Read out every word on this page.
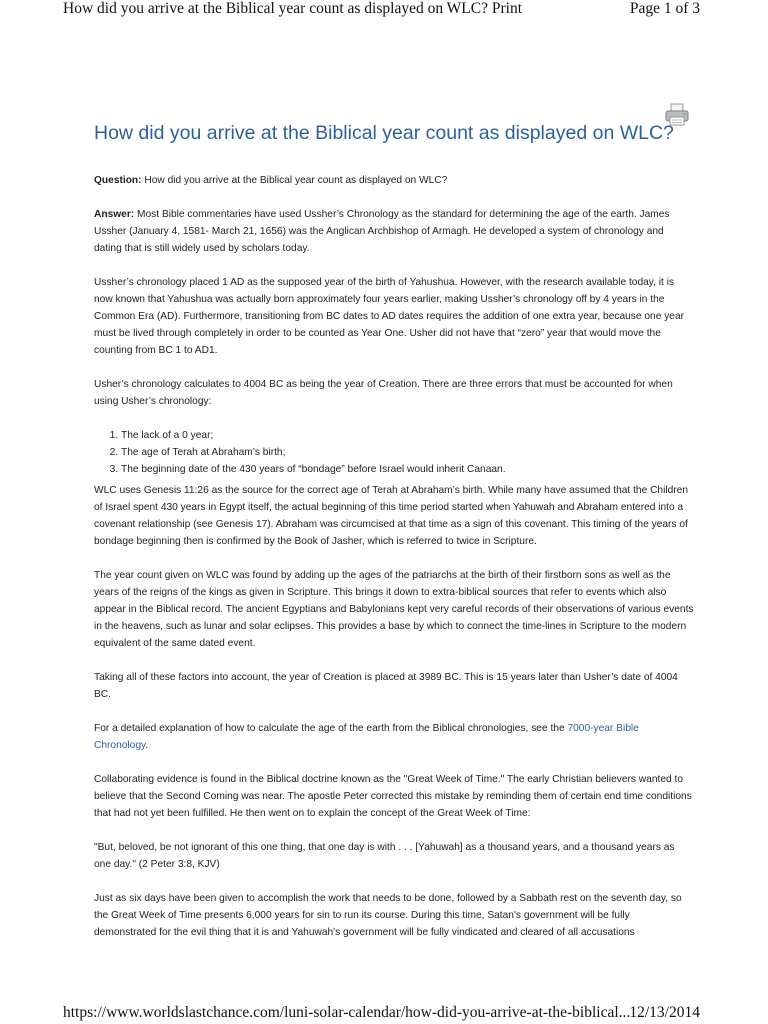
How did you arrive at the Biblical year count as displayed on WLC? Print	Page 1 of 3
How did you arrive at the Biblical year count as displayed on WLC?

Question: How did you arrive at the Biblical year count as displayed on WLC?

Answer: Most Bible commentaries have used Ussher’s Chronology as the standard for determining the age of the earth. James Ussher (January 4, 1581- March 21, 1656) was the Anglican Archbishop of Armagh. He developed a system of chronology and dating that is still widely used by scholars today.

Ussher’s chronology placed 1 AD as the supposed year of the birth of Yahushua. However, with the research available today, it is now known that Yahushua was actually born approximately four years earlier, making Ussher’s chronology off by 4 years in the Common Era (AD). Furthermore, transitioning from BC dates to AD dates requires the addition of one extra year, because one year must be lived through completely in order to be counted as Year One. Usher did not have that “zero” year that would move the counting from BC 1 to AD1.

Usher’s chronology calculates to 4004 BC as being the year of Creation. There are three errors that must be accounted for when using Usher’s chronology:

1. The lack of a 0 year;
2. The age of Terah at Abraham’s birth;
3. The beginning date of the 430 years of “bondage” before Israel would inherit Canaan.

WLC uses Genesis 11:26 as the source for the correct age of Terah at Abraham’s birth. While many have assumed that the Children of Israel spent 430 years in Egypt itself, the actual beginning of this time period started when Yahuwah and Abraham entered into a covenant relationship (see Genesis 17). Abraham was circumcised at that time as a sign of this covenant. This timing of the years of bondage beginning then is confirmed by the Book of Jasher, which is referred to twice in Scripture.

The year count given on WLC was found by adding up the ages of the patriarchs at the birth of their firstborn sons as well as the years of the reigns of the kings as given in Scripture. This brings it down to extra-biblical sources that refer to events which also appear in the Biblical record. The ancient Egyptians and Babylonians kept very careful records of their observations of various events in the heavens, such as lunar and solar eclipses. This provides a base by which to connect the time-lines in Scripture to the modern equivalent of the same dated event.

Taking all of these factors into account, the year of Creation is placed at 3989 BC. This is 15 years later than Usher’s date of 4004 BC.

For a detailed explanation of how to calculate the age of the earth from the Biblical chronologies, see the 7000-year Bible Chronology.

Collaborating evidence is found in the Biblical doctrine known as the "Great Week of Time." The early Christian believers wanted to believe that the Second Coming was near. The apostle Peter corrected this mistake by reminding them of certain end time conditions that had not yet been fulfilled. He then went on to explain the concept of the Great Week of Time:

"But, beloved, be not ignorant of this one thing, that one day is with . . . [Yahuwah] as a thousand years, and a thousand years as one day." (2 Peter 3:8, KJV)

Just as six days have been given to accomplish the work that needs to be done, followed by a Sabbath rest on the seventh day, so the Great Week of Time presents 6,000 years for sin to run its course. During this time, Satan's government will be fully demonstrated for the evil thing that it is and Yahuwah's government will be fully vindicated and cleared of all accusations

https://www.worldslastchance.com/luni-solar-calendar/how-did-you-arrive-at-the-biblical... 12/13/2014
